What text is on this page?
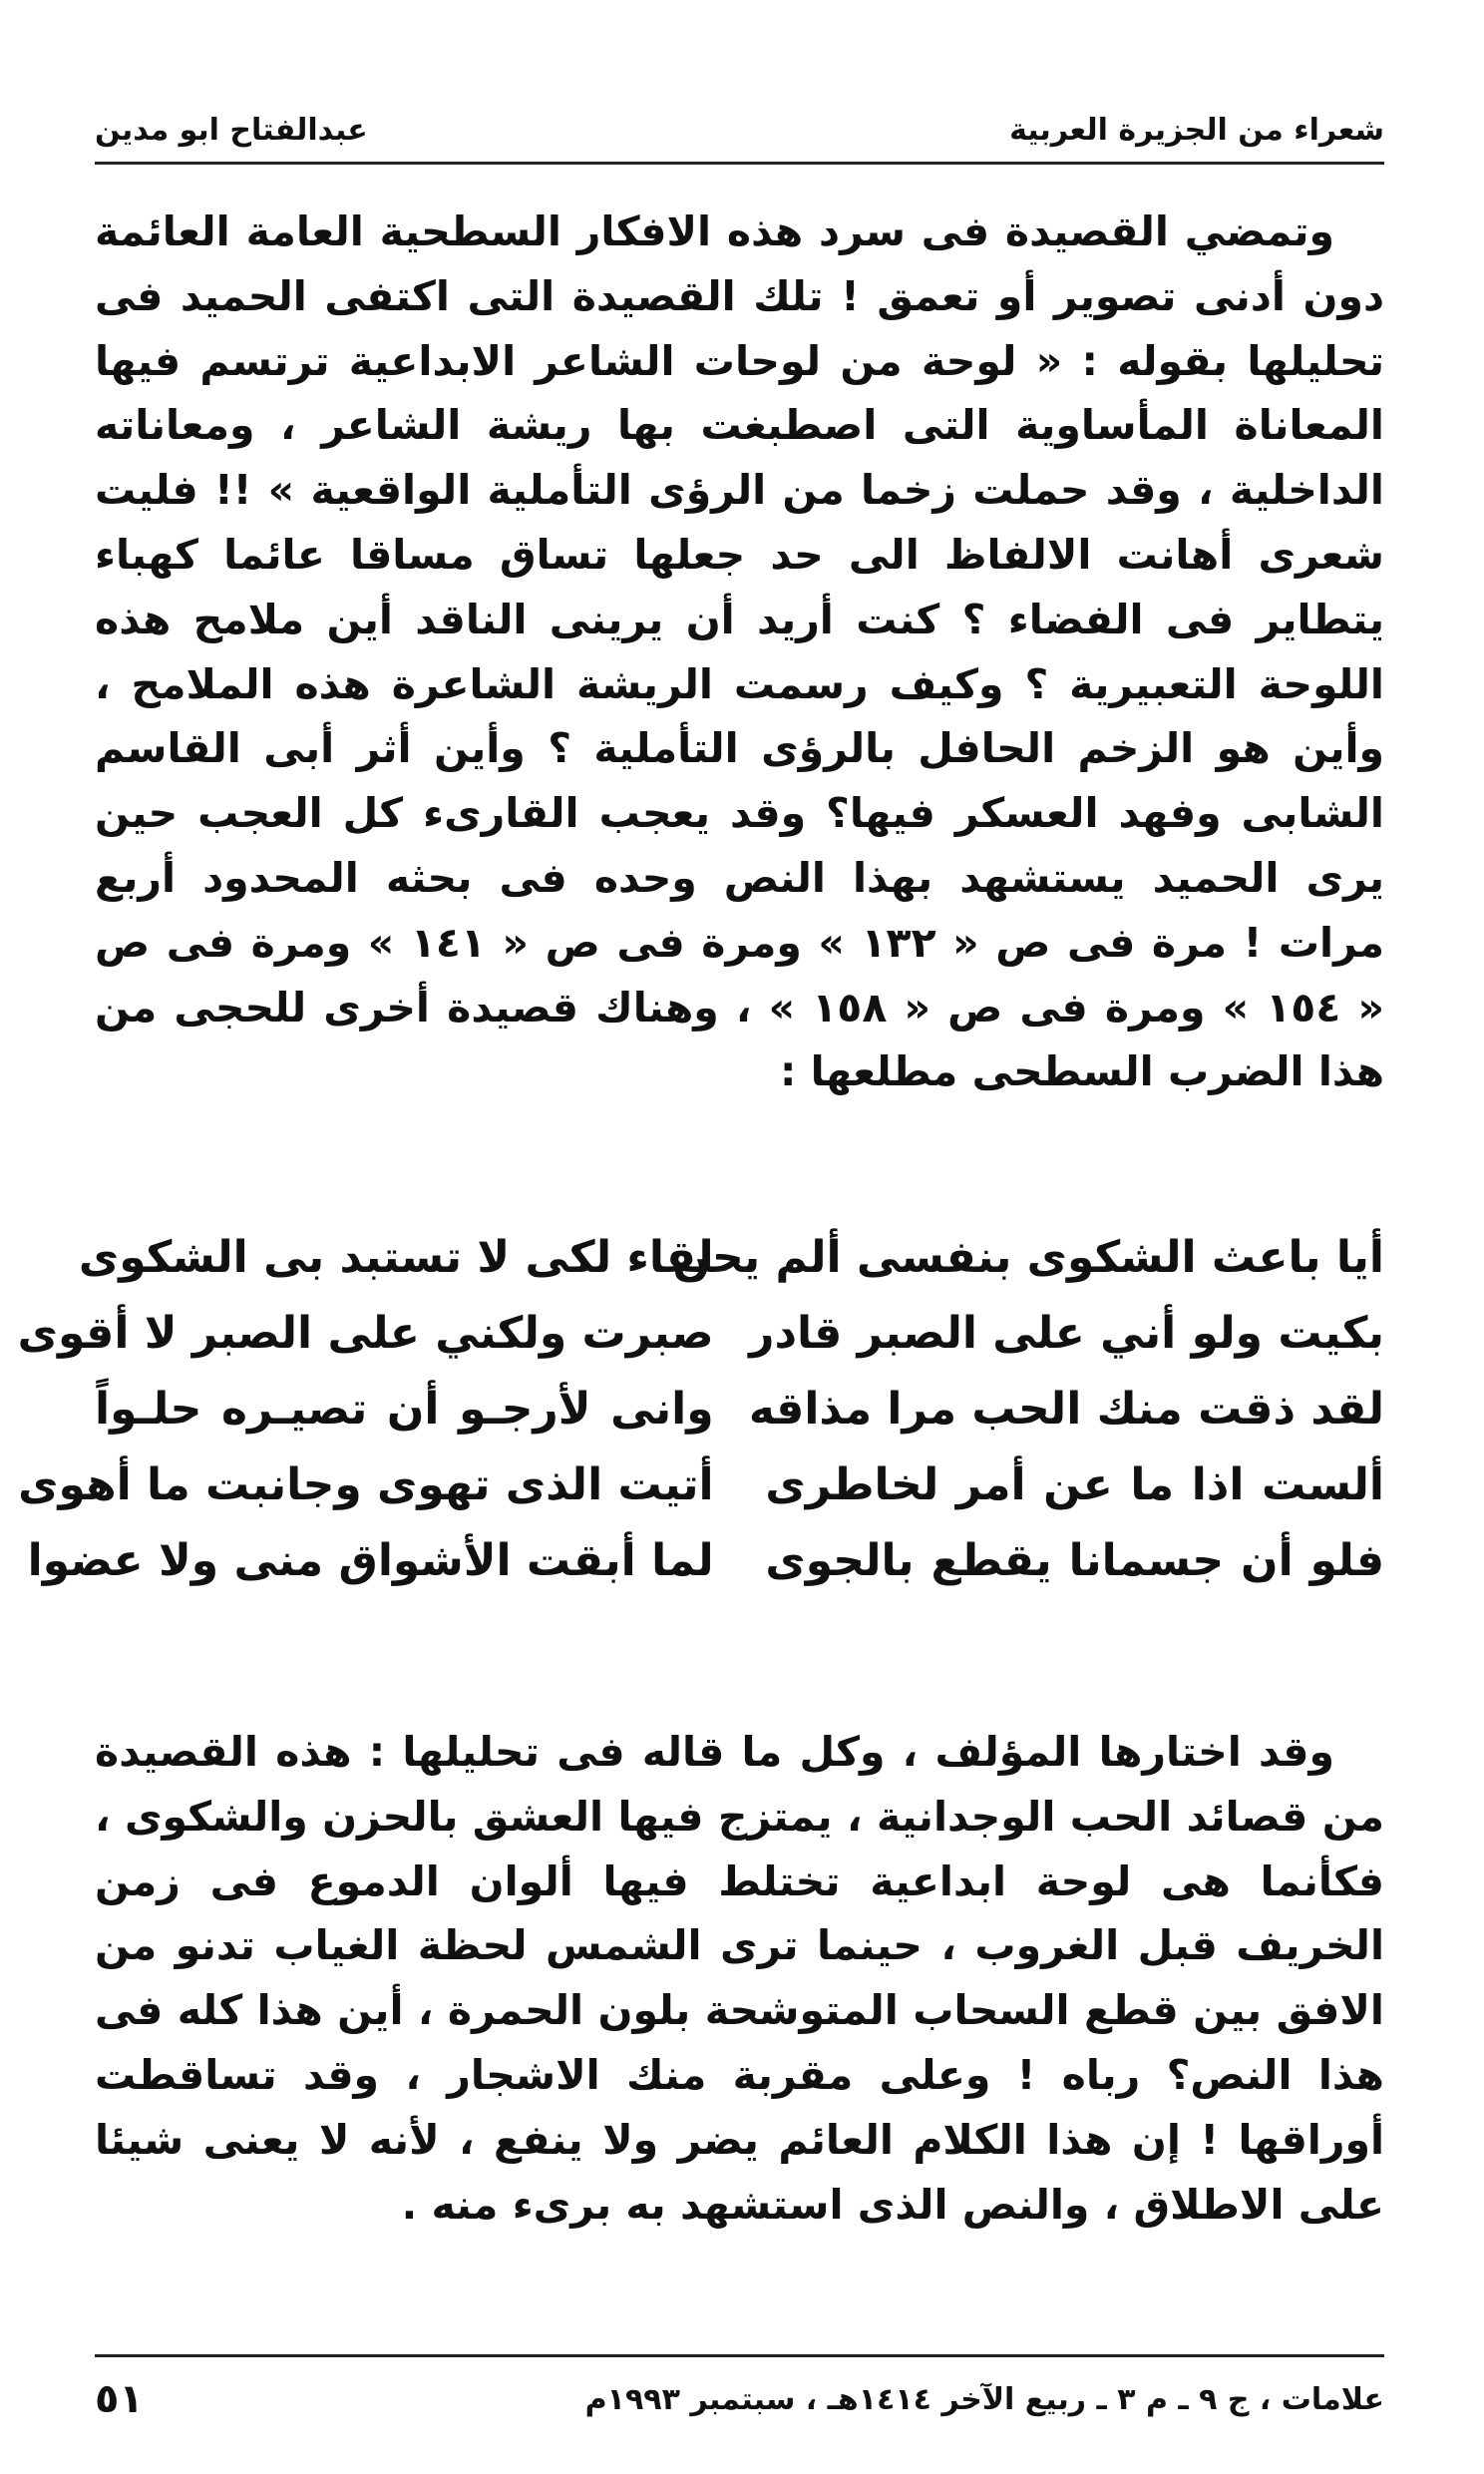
شعراء من الجزيرة العربية
عبدالفتاح ابو مدين

وتمضي القصيدة فى سرد هذه الافكار السطحية العامة العائمة دون أدنى تصوير أو تعمق ! تلك القصيدة التى اكتفى الحميد فى تحليلها بقوله : « لوحة من لوحات الشاعر الابداعية ترتسم فيها المعاناة المأساوية التى اصطبغت بها ريشة الشاعر ، ومعاناته الداخلية ، وقد حملت زخما من الرؤى التأملية الواقعية » !! فليت شعرى أهانت الالفاظ الى حد جعلها تساق مساقا عائما كهباء يتطاير فى الفضاء ؟ كنت أريد أن يرينى الناقد أين ملامح هذه اللوحة التعبيرية ؟ وكيف رسمت الريشة الشاعرة هذه الملامح ، وأين هو الزخم الحافل بالرؤى التأملية ؟ وأين أثر أبى القاسم الشابى وفهد العسكر فيها؟ وقد يعجب القارىء كل العجب حين يرى الحميد يستشهد بهذا النص وحده فى بحثه المحدود أربع مرات ! مرة فى ص « ١٣٢ » ومرة فى ص « ١٤١ » ومرة فى ص « ١٥٤ » ومرة فى ص « ١٥٨ » ، وهناك قصيدة أخرى للحجى من هذا الضرب السطحى مطلعها :

أيا باعث الشكوى بنفسى ألم يحن
لقاء لكى لا تستبد بى الشكوى
بكيت ولو أني على الصبر قادر
صبرت ولكني على الصبر لا أقوى
لقد ذقت منك الحب مرا مذاقه
وانى لأرجـو أن تصيـره حلـواً
ألست اذا ما عن أمر لخاطرى
أتيت الذى تهوى وجانبت ما أهوى
فلو أن جسمانا يقطع بالجوى
لما أبقت الأشواق منى ولا عضوا

وقد اختارها المؤلف ، وكل ما قاله فى تحليلها : هذه القصيدة من قصائد الحب الوجدانية ، يمتزج فيها العشق بالحزن والشكوى ، فكأنما هى لوحة ابداعية تختلط فيها ألوان الدموع فى زمن الخريف قبل الغروب ، حينما ترى الشمس لحظة الغياب تدنو من الافق بين قطع السحاب المتوشحة بلون الحمرة ، أين هذا كله فى هذا النص؟ رباه ! وعلى مقربة منك الاشجار ، وقد تساقطت أوراقها ! إن هذا الكلام العائم يضر ولا ينفع ، لأنه لا يعنى شيئا على الاطلاق ، والنص الذى استشهد به برىء منه .

علامات ، ج ٩ ـ م ٣ ـ ربيع الآخر ١٤١٤هـ ، سبتمبر ١٩٩٣م
٥١
